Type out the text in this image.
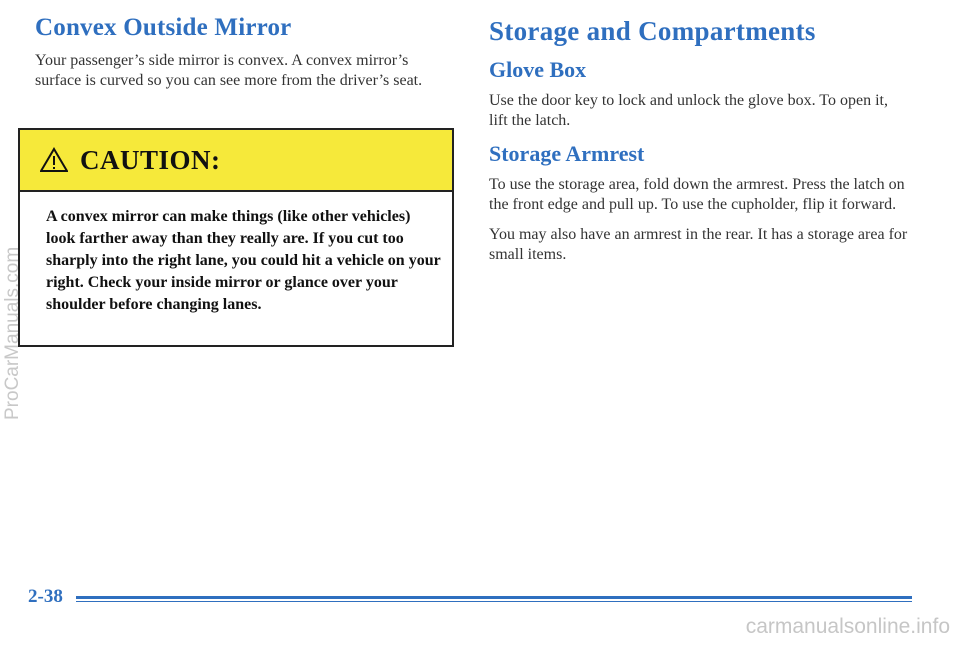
Convex Outside Mirror

Your passenger’s side mirror is convex. A convex mirror’s surface is curved so you can see more from the driver’s seat.

CAUTION:
A convex mirror can make things (like other vehicles) look farther away than they really are. If you cut too sharply into the right lane, you could hit a vehicle on your right. Check your inside mirror or glance over your shoulder before changing lanes.
Storage and Compartments
Glove Box

Use the door key to lock and unlock the glove box. To open it, lift the latch.

Storage Armrest

To use the storage area, fold down the armrest. Press the latch on the front edge and pull up. To use the cupholder, flip it forward.

You may also have an armrest in the rear. It has a storage area for small items.

2-38
ProCarManuals.com
carmanualsonline.info
